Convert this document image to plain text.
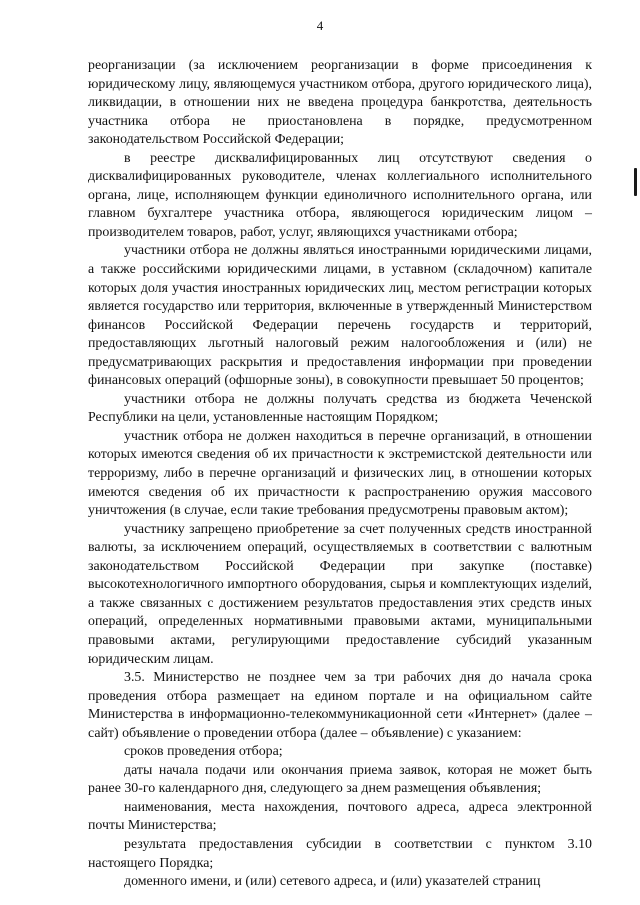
4

реорганизации (за исключением реорганизации в форме присоединения к юридическому лицу, являющемуся участником отбора, другого юридического лица), ликвидации, в отношении них не введена процедура банкротства, деятельность участника отбора не приостановлена в порядке, предусмотренном законодательством Российской Федерации;

в реестре дисквалифицированных лиц отсутствуют сведения о дисквалифицированных руководителе, членах коллегиального исполнительного органа, лице, исполняющем функции единоличного исполнительного органа, или главном бухгалтере участника отбора, являющегося юридическим лицом – производителем товаров, работ, услуг, являющихся участниками отбора;

участники отбора не должны являться иностранными юридическими лицами, а также российскими юридическими лицами, в уставном (складочном) капитале которых доля участия иностранных юридических лиц, местом регистрации которых является государство или территория, включенные в утвержденный Министерством финансов Российской Федерации перечень государств и территорий, предоставляющих льготный налоговый режим налогообложения и (или) не предусматривающих раскрытия и предоставления информации при проведении финансовых операций (офшорные зоны), в совокупности превышает 50 процентов;

участники отбора не должны получать средства из бюджета Чеченской Республики на цели, установленные настоящим Порядком;

участник отбора не должен находиться в перечне организаций, в отношении которых имеются сведения об их причастности к экстремистской деятельности или терроризму, либо в перечне организаций и физических лиц, в отношении которых имеются сведения об их причастности к распространению оружия массового уничтожения (в случае, если такие требования предусмотрены правовым актом);

участнику запрещено приобретение за счет полученных средств иностранной валюты, за исключением операций, осуществляемых в соответствии с валютным законодательством Российской Федерации при закупке (поставке) высокотехнологичного импортного оборудования, сырья и комплектующих изделий, а также связанных с достижением результатов предоставления этих средств иных операций, определенных нормативными правовыми актами, муниципальными правовыми актами, регулирующими предоставление субсидий указанным юридическим лицам.

3.5. Министерство не позднее чем за три рабочих дня до начала срока проведения отбора размещает на едином портале и на официальном сайте Министерства в информационно-телекоммуникационной сети «Интернет» (далее – сайт) объявление о проведении отбора (далее – объявление) с указанием:

сроков проведения отбора;

даты начала подачи или окончания приема заявок, которая не может быть ранее 30-го календарного дня, следующего за днем размещения объявления;

наименования, места нахождения, почтового адреса, адреса электронной почты Министерства;

результата предоставления субсидии в соответствии с пунктом 3.10 настоящего Порядка;

доменного имени, и (или) сетевого адреса, и (или) указателей страниц
